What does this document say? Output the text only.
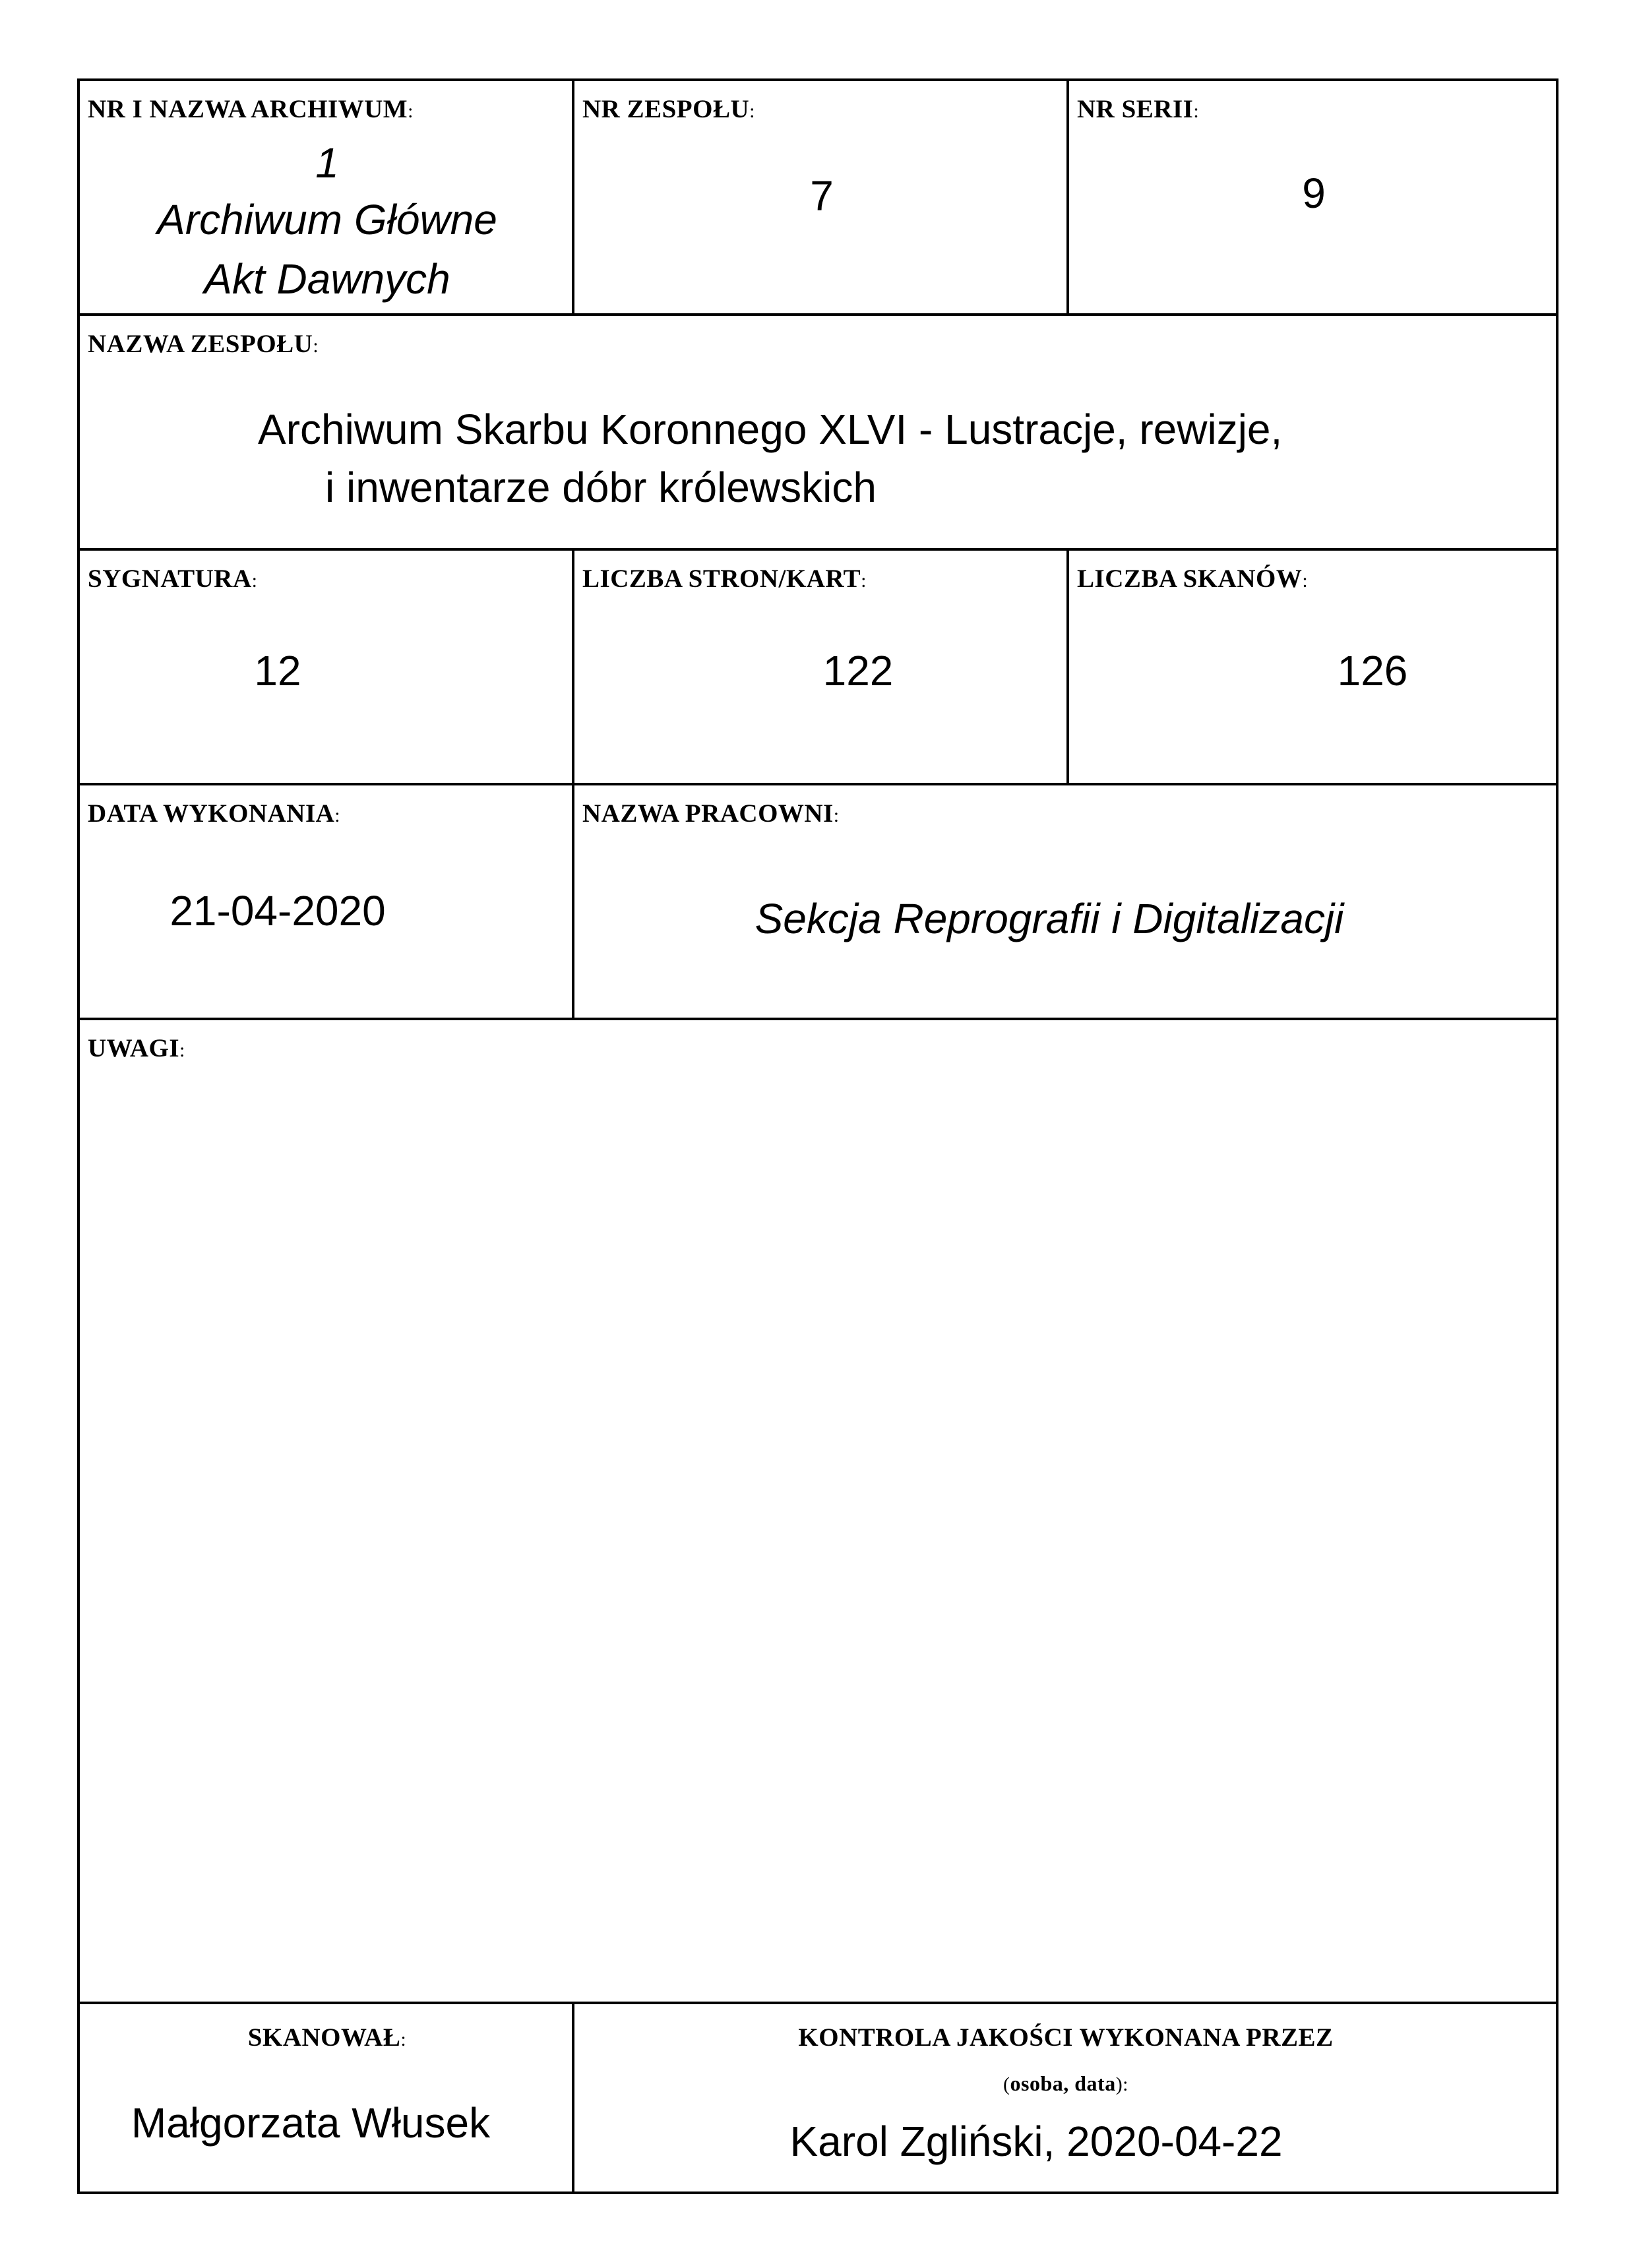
NR I NAZWA ARCHIWUM:
1
Archiwum Główne
Akt Dawnych
NR ZESPOŁU:
7
NR SERII:
9
NAZWA ZESPOŁU:
Archiwum Skarbu Koronnego XLVI - Lustracje, rewizje,
i inwentarze dóbr królewskich
SYGNATURA:
12
LICZBA STRON/KART:
122
LICZBA SKANÓW:
126
DATA WYKONANIA:
21-04-2020
NAZWA PRACOWNI:
Sekcja Reprografii i Digitalizacji
UWAGI:
SKANOWAŁ:
Małgorzata Włusek
KONTROLA JAKOŚCI WYKONANA PRZEZ
(osoba, data):
Karol Zgliński, 2020-04-22
